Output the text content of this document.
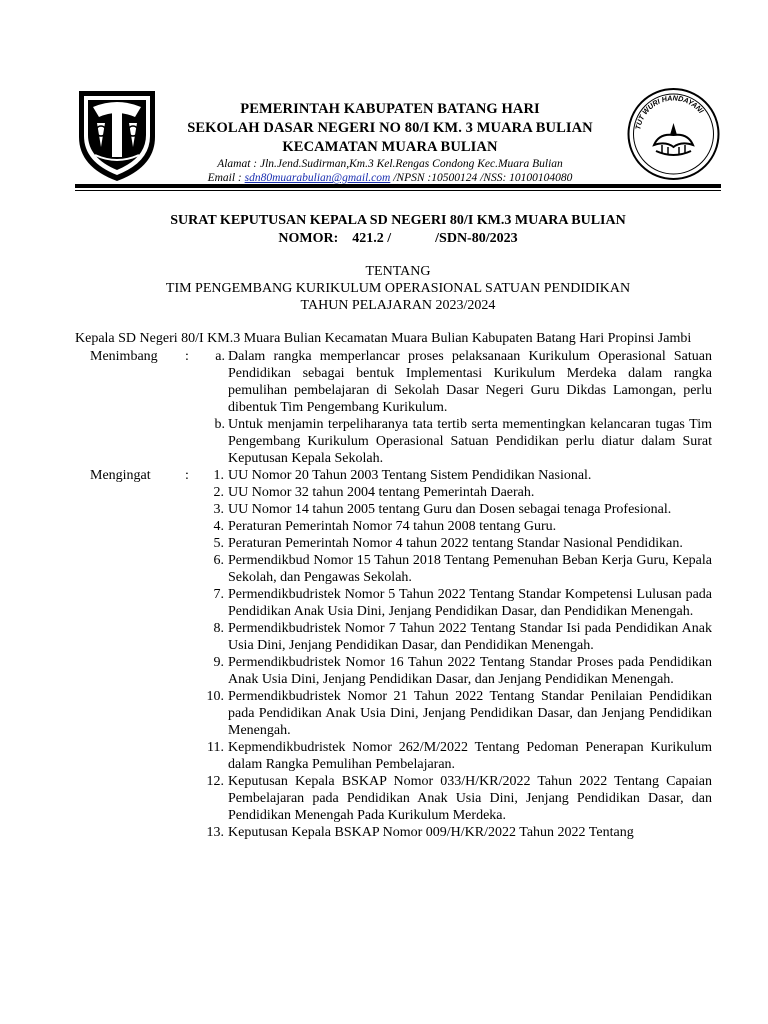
PEMERINTAH KABUPATEN BATANG HARI
SEKOLAH DASAR NEGERI NO 80/I KM. 3 MUARA BULIAN
KECAMATAN MUARA BULIAN
Alamat : Jln.Jend.Sudirman,Km.3 Kel.Rengas Condong Kec.Muara Bulian
Email : sdn80muarabulian@gmail.com /NPSN :10500124 /NSS: 10100104080
TUT WURI HANDAYANI
SURAT KEPUTUSAN KEPALA SD NEGERI 80/I KM.3 MUARA BULIAN
NOMOR: 421.2 /	/SDN-80/2023
TENTANG
TIM PENGEMBANG KURIKULUM OPERASIONAL SATUAN PENDIDIKAN
TAHUN PELAJARAN 2023/2024

Kepala SD Negeri 80/I KM.3 Muara Bulian Kecamatan Muara Bulian Kabupaten Batang Hari Propinsi Jambi

Menimbang	:	a. Dalam rangka memperlancar proses pelaksanaan Kurikulum Operasional Satuan Pendidikan sebagai bentuk Implementasi Kurikulum Merdeka dalam rangka pemulihan pembelajaran di Sekolah Dasar Negeri Guru Dikdas Lamongan, perlu dibentuk Tim Pengembang Kurikulum.
b. Untuk menjamin terpeliharanya tata tertib serta mementingkan kelancaran tugas Tim Pengembang Kurikulum Operasional Satuan Pendidikan perlu diatur dalam Surat Keputusan Kepala Sekolah.
Mengingat	:	1. UU Nomor 20 Tahun 2003 Tentang Sistem Pendidikan Nasional.
2. UU Nomor 32 tahun 2004 tentang Pemerintah Daerah.
3. UU Nomor 14 tahun 2005 tentang Guru dan Dosen sebagai tenaga Profesional.
4. Peraturan Pemerintah Nomor 74 tahun 2008 tentang Guru.
5. Peraturan Pemerintah Nomor 4 tahun 2022 tentang Standar Nasional Pendidikan.
6. Permendikbud Nomor 15 Tahun 2018 Tentang Pemenuhan Beban Kerja Guru, Kepala Sekolah, dan Pengawas Sekolah.
7. Permendikbudristek Nomor 5 Tahun 2022 Tentang Standar Kompetensi Lulusan pada Pendidikan Anak Usia Dini, Jenjang Pendidikan Dasar, dan Pendidikan Menengah.
8. Permendikbudristek Nomor 7 Tahun 2022 Tentang Standar Isi pada Pendidikan Anak Usia Dini, Jenjang Pendidikan Dasar, dan Pendidikan Menengah.
9. Permendikbudristek Nomor 16 Tahun 2022 Tentang Standar Proses pada Pendidikan Anak Usia Dini, Jenjang Pendidikan Dasar, dan Jenjang Pendidikan Menengah.
10. Permendikbudristek Nomor 21 Tahun 2022 Tentang Standar Penilaian Pendidikan pada Pendidikan Anak Usia Dini, Jenjang Pendidikan Dasar, dan Jenjang Pendidikan Menengah.
11. Kepmendikbudristek Nomor 262/M/2022 Tentang Pedoman Penerapan Kurikulum dalam Rangka Pemulihan Pembelajaran.
12. Keputusan Kepala BSKAP Nomor 033/H/KR/2022 Tahun 2022 Tentang Capaian Pembelajaran pada Pendidikan Anak Usia Dini, Jenjang Pendidikan Dasar, dan Pendidikan Menengah Pada Kurikulum Merdeka.
13. Keputusan Kepala BSKAP Nomor 009/H/KR/2022 Tahun 2022 Tentang
